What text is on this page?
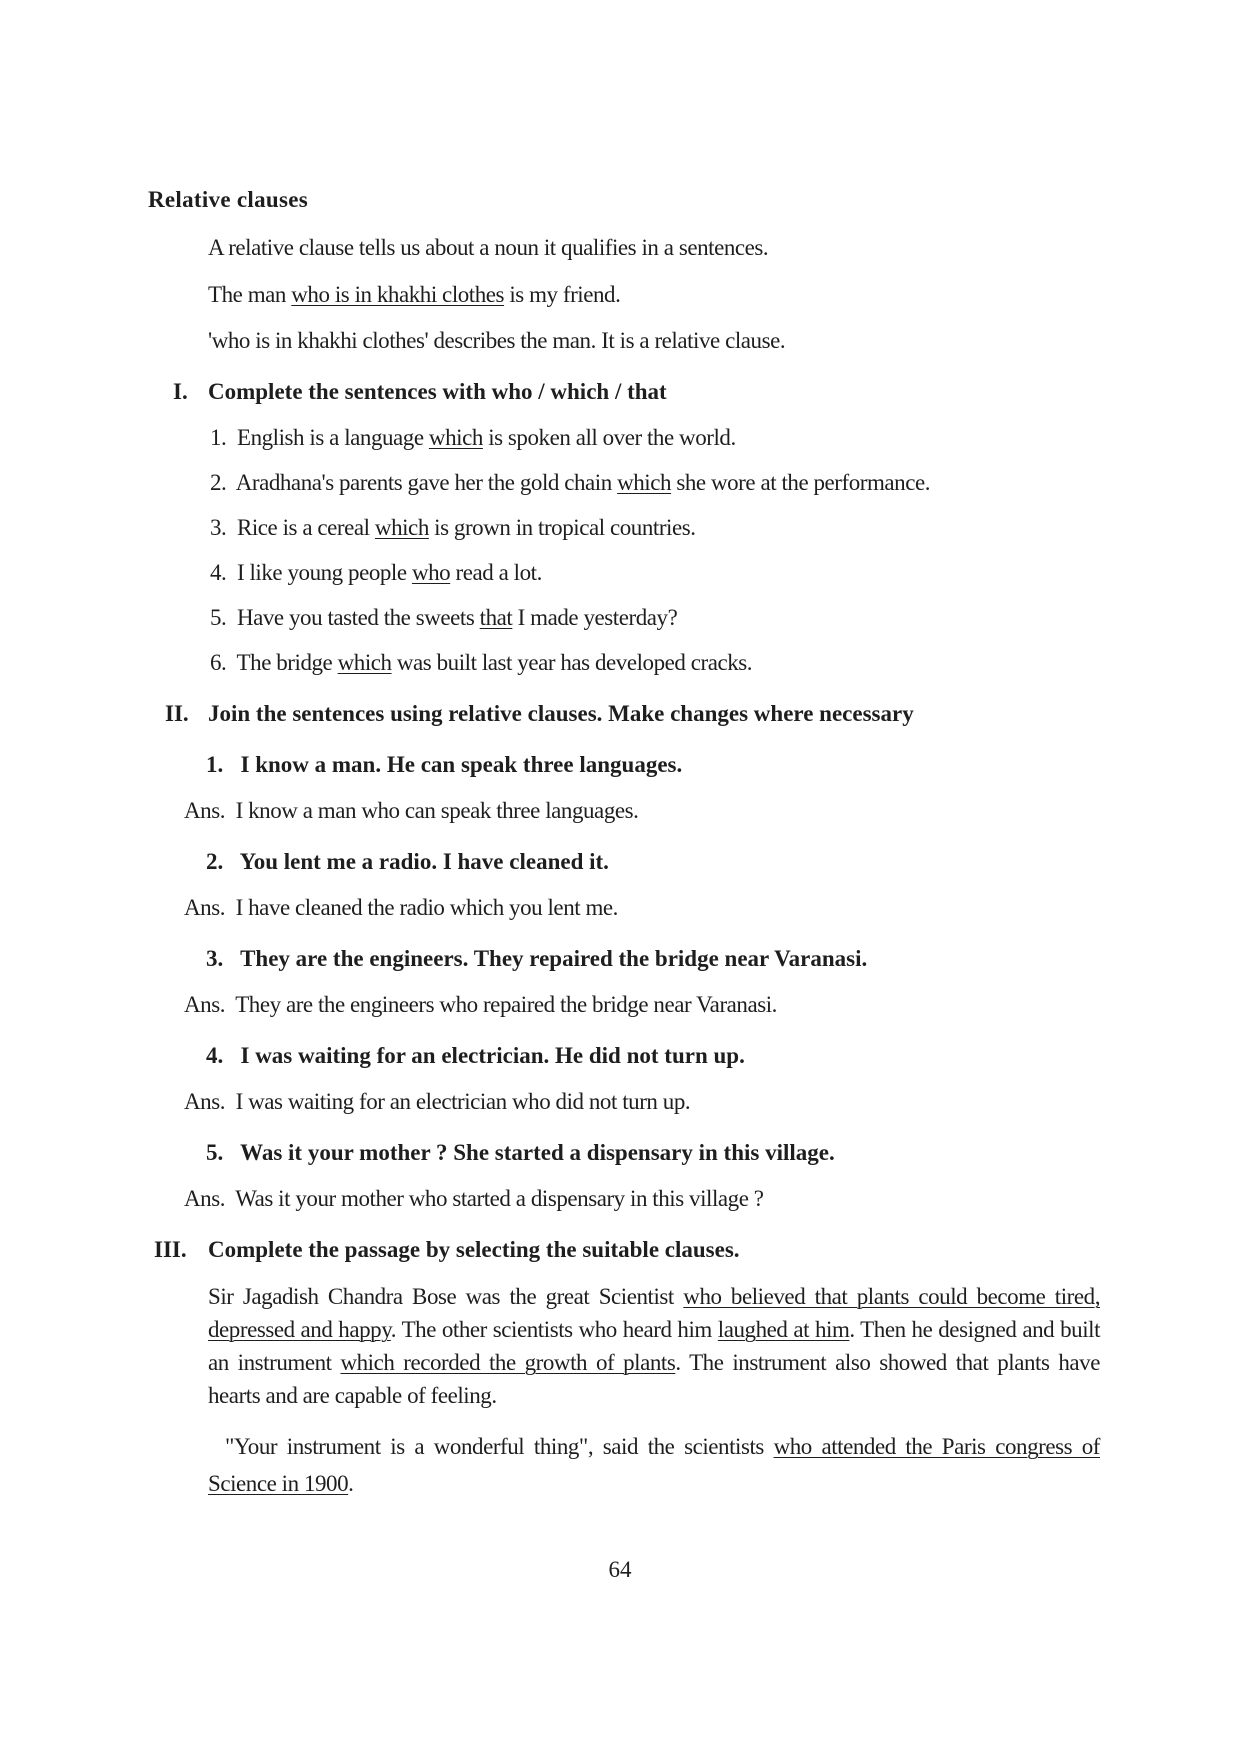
Relative clauses
A relative clause tells us about a noun it qualifies in a sentences.
The man who is in khakhi clothes is my friend.
'who is in khakhi clothes' describes the man. It is a relative clause.
I. Complete the sentences with who / which / that
1. English is a language which is spoken all over the world.
2. Aradhana's parents gave her the gold chain which she wore at the performance.
3. Rice is a cereal which is grown in tropical countries.
4. I like young people who read a lot.
5. Have you tasted the sweets that I made yesterday?
6. The bridge which was built last year has developed cracks.
II. Join the sentences using relative clauses. Make changes where necessary
1. I know a man. He can speak three languages.
Ans. I know a man who can speak three languages.
2. You lent me a radio. I have cleaned it.
Ans. I have cleaned the radio which you lent me.
3. They are the engineers. They repaired the bridge near Varanasi.
Ans. They are the engineers who repaired the bridge near Varanasi.
4. I was waiting for an electrician. He did not turn up.
Ans. I was waiting for an electrician who did not turn up.
5. Was it your mother ? She started a dispensary in this village.
Ans. Was it your mother who started a dispensary in this village ?
III. Complete the passage by selecting the suitable clauses.
Sir Jagadish Chandra Bose was the great Scientist who believed that plants could become tired, depressed and happy. The other scientists who heard him laughed at him. Then he designed and built an instrument which recorded the growth of plants. The instrument also showed that plants have hearts and are capable of feeling.
"Your instrument is a wonderful thing", said the scientists who attended the Paris congress of Science in 1900.
64
